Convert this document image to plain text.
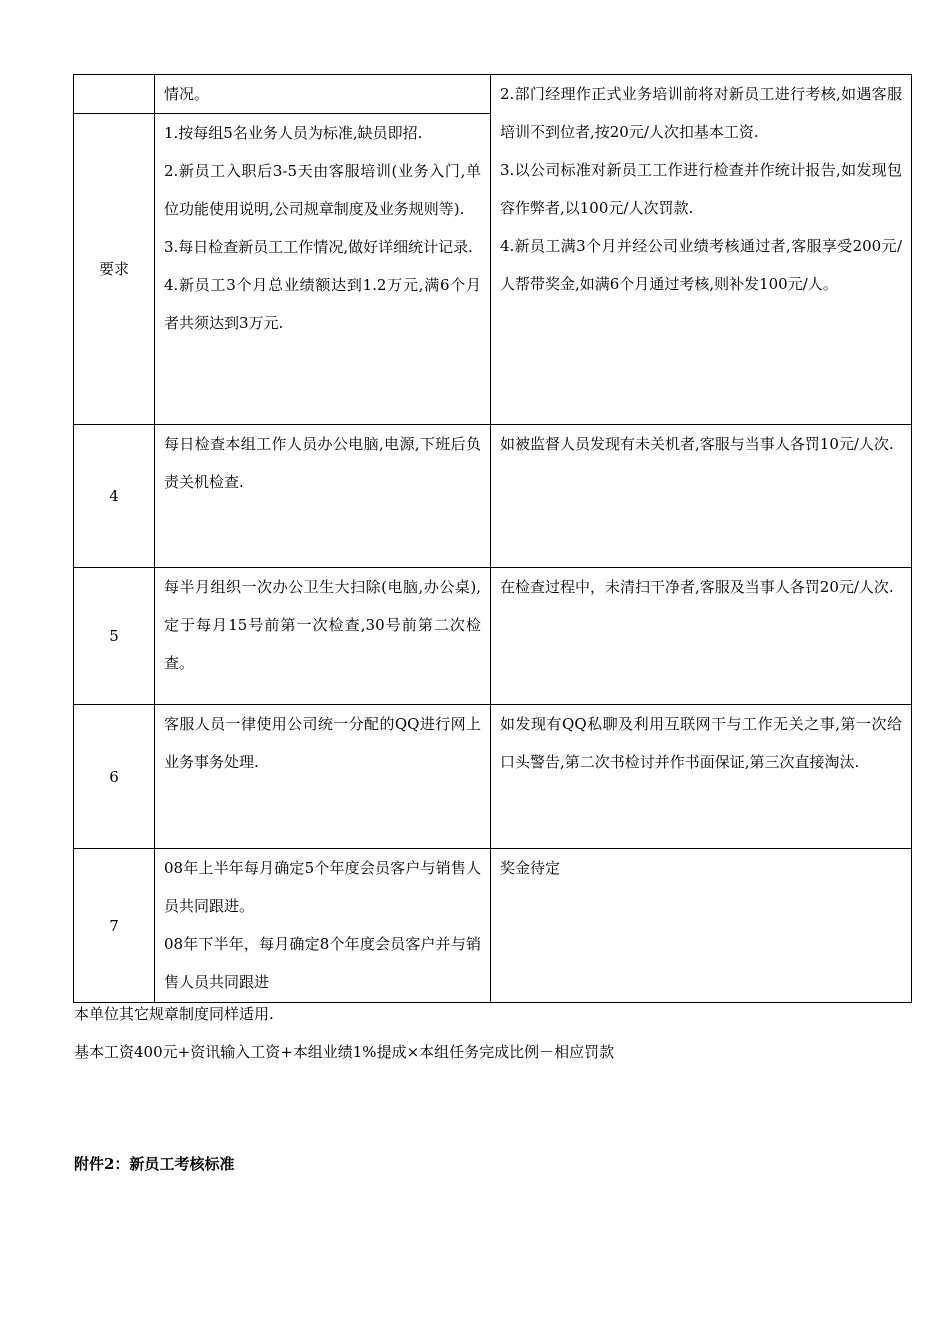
	情况。	2.部门经理作正式业务培训前将对新员工进行考核,如遇客服培训不到位者,按20元/人次扣基本工资.
3.以公司标准对新员工工作进行检查并作统计报告,如发现包容作弊者,以100元/人次罚款.
4.新员工满3个月并经公司业绩考核通过者,客服享受200元/人帮带奖金,如满6个月通过考核,则补发100元/人。

要求	1.按每组5名业务人员为标准,缺员即招.
2.新员工入职后3-5天由客服培训(业务入门,单位功能使用说明,公司规章制度及业务规则等).
3.每日检查新员工工作情况,做好详细统计记录.
4.新员工3个月总业绩额达到1.2万元,满6个月者共须达到3万元.	

4	每日检查本组工作人员办公电脑,电源,下班后负责关机检查.	如被监督人员发现有未关机者,客服与当事人各罚10元/人次.

5	每半月组织一次办公卫生大扫除(电脑,办公桌),定于每月15号前第一次检查,30号前第二次检查。	在检查过程中，未清扫干净者,客服及当事人各罚20元/人次.

6	客服人员一律使用公司统一分配的QQ进行网上业务事务处理.	如发现有QQ私聊及利用互联网干与工作无关之事,第一次给口头警告,第二次书检讨并作书面保证,第三次直接淘汰.

7	08年上半年每月确定5个年度会员客户与销售人员共同跟进。
08年下半年，每月确定8个年度会员客户并与销售人员共同跟进	奖金待定
本单位其它规章制度同样适用.
基本工资400元+资讯输入工资+本组业绩1%提成×本组任务完成比例－相应罚款
附件2：新员工考核标准
